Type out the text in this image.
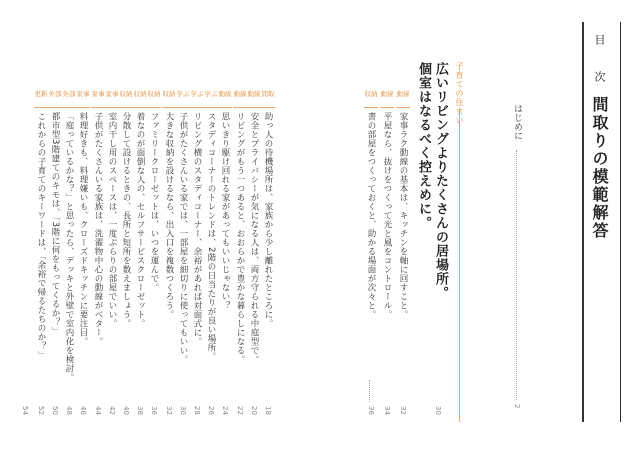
目次
間取りの模範解答
はじめに
2
子育ての住まい
広いリビングよりたくさんの居場所。
個室はなるべく控えめに。
30
動線
家事ラク動線の基本は、キッチンを軸に回すこと。
32
動線
平屋なら、抜けをつくって光と風をコントロール。
34
収納
書の部屋をつくっておくと、助かる場面が次々と。
36
間取
助っ人の待機場所は、家族から少し離れたところに。
18
動線
安全とプライバシーが気になる人は、両方守られる中庭型で。
20
動線
リビングがもう一つあると、おおらかで豊かな暮らしになる。
22
動線
思いきり駆け回れる家があってもいいじゃない？
24
学ぶ
スタディコーナーのトレンドは、2階の日当たりが良い場所。
26
学ぶ
リビング横のスタディコーナー、余裕があれば対面式に。
28
学ぶ
子供がたくさんいる家では、一部屋を細切りに使ってもいい。
30
収納
大きな収納を設けるなら、出入口を複数つくろう。
32
収納
ファミリークローゼットは、いつを運んで。
36
収納
着なのが面倒な人の、セルフサービスクローゼット。
38
収納
分散して設けるときの、長所と短所を数えましょう。
40
家事
室内干し用のスペースは、一度ぷらりの部屋でいい。
42
家事
子供がたくさんいる家族は、洗濯物中心の動線がベター。
44
家事
料理好きも、料理嫌いも、クローズドキッチンに要注目。
46
外部
「庭っているかな？」と思ったら、デッキと外壁で室内化を検討。
48
外部
都市型3階建てのキモは、「3階に何をもってくるか？」
50
更新
これからの子育てのキーワードは、「余裕で帰るたちのか？」
52
54
